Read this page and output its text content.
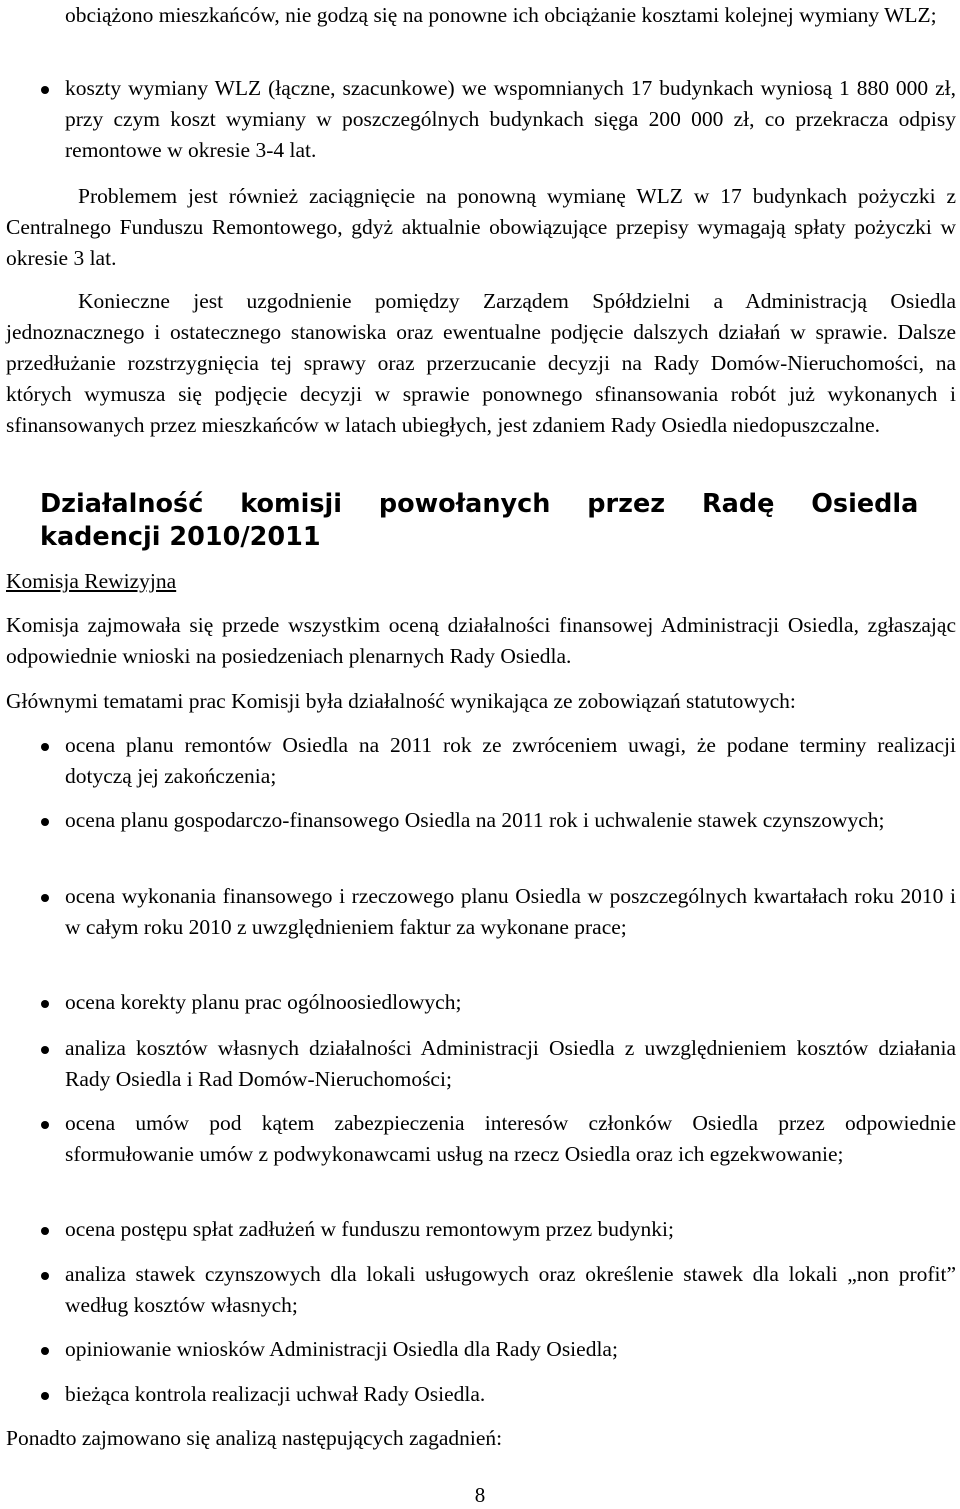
obciążono mieszkańców, nie godzą się na ponowne ich obciążanie kosztami kolejnej wymiany WLZ;

koszty wymiany WLZ (łączne, szacunkowe) we wspomnianych 17 budynkach wyniosą 1 880 000 zł, przy czym koszt wymiany w poszczególnych budynkach sięga 200 000 zł, co przekracza odpisy remontowe w okresie 3-4 lat.

Problemem jest również zaciągnięcie na ponowną wymianę WLZ w 17 budynkach pożyczki z Centralnego Funduszu Remontowego, gdyż aktualnie obowiązujące przepisy wymagają spłaty pożyczki w okresie 3 lat.

Konieczne jest uzgodnienie pomiędzy Zarządem Spółdzielni a Administracją Osiedla jednoznacznego i ostatecznego stanowiska oraz ewentualne podjęcie dalszych działań w sprawie. Dalsze przedłużanie rozstrzygnięcia tej sprawy oraz przerzucanie decyzji na Rady Domów-Nieruchomości, na których wymusza się podjęcie decyzji w sprawie ponownego sfinansowania robót już wykonanych i sfinansowanych przez mieszkańców w latach ubiegłych, jest zdaniem Rady Osiedla niedopuszczalne.

Działalność komisji powołanych przez Radę Osiedla
kadencji 2010/2011

Komisja Rewizyjna

Komisja zajmowała się przede wszystkim oceną działalności finansowej Administracji Osiedla, zgłaszając odpowiednie wnioski na posiedzeniach plenarnych Rady Osiedla.

Głównymi tematami prac Komisji była działalność wynikająca ze zobowiązań statutowych:

ocena planu remontów Osiedla na 2011 rok ze zwróceniem uwagi, że podane terminy realizacji dotyczą jej zakończenia;

ocena planu gospodarczo-finansowego Osiedla na 2011 rok i uchwalenie stawek czynszowych;

ocena wykonania finansowego i rzeczowego planu Osiedla w poszczególnych kwartałach roku 2010 i w całym roku 2010 z uwzględnieniem faktur za wykonane prace;

ocena korekty planu prac ogólnoosiedlowych;

analiza kosztów własnych działalności Administracji Osiedla z uwzględnieniem kosztów działania Rady Osiedla i Rad Domów-Nieruchomości;

ocena umów pod kątem zabezpieczenia interesów członków Osiedla przez odpowiednie sformułowanie umów z podwykonawcami usług na rzecz Osiedla oraz ich egzekwowanie;

ocena postępu spłat zadłużeń w funduszu remontowym przez budynki;

analiza stawek czynszowych dla lokali usługowych oraz określenie stawek dla lokali „non profit” według kosztów własnych;

opiniowanie wniosków Administracji Osiedla dla Rady Osiedla;

bieżąca kontrola realizacji uchwał Rady Osiedla.

Ponadto zajmowano się analizą następujących zagadnień:

8
